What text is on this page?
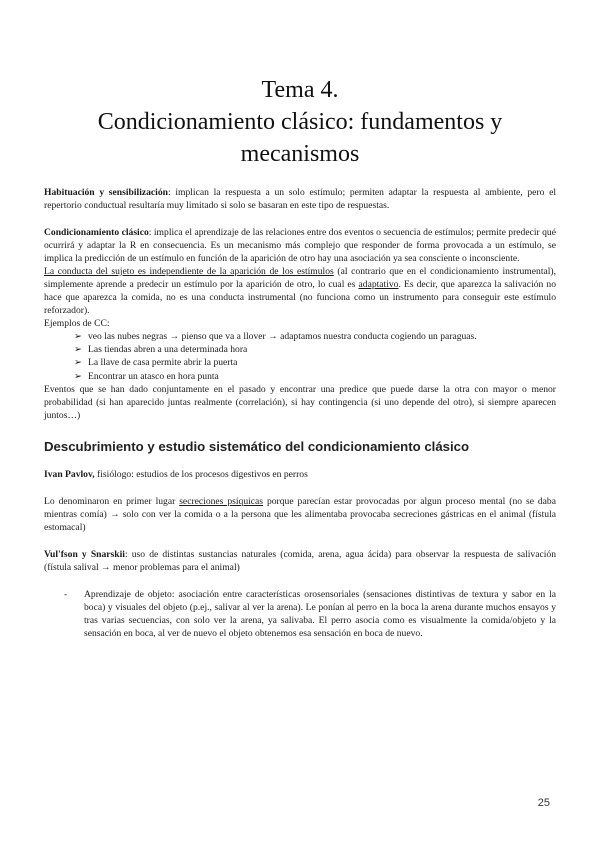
Tema 4.
Condicionamiento clásico: fundamentos y
mecanismos

Habituación y sensibilización: implican la respuesta a un solo estímulo; permiten adaptar la respuesta al ambiente, pero el repertorio conductual resultaría muy limitado si solo se basaran en este tipo de respuestas.

Condicionamiento clásico: implica el aprendizaje de las relaciones entre dos eventos o secuencia de estímulos; permite predecir qué ocurrirá y adaptar la R en consecuencia. Es un mecanismo más complejo que responder de forma provocada a un estímulo, se implica la predicción de un estímulo en función de la aparición de otro hay una asociación ya sea consciente o inconsciente.

La conducta del sujeto es independiente de la aparición de los estímulos (al contrario que en el condicionamiento instrumental), simplemente aprende a predecir un estímulo por la aparición de otro, lo cual es adaptativo. Es decir, que aparezca la salivación no hace que aparezca la comida, no es una conducta instrumental (no funciona como un instrumento para conseguir este estímulo reforzador).

Ejemplos de CC:

➢ veo las nubes negras → pienso que va a llover → adaptamos nuestra conducta cogiendo un paraguas.
➢ Las tiendas abren a una determinada hora
➢ La llave de casa permite abrir la puerta
➢ Encontrar un atasco en hora punta

Eventos que se han dado conjuntamente en el pasado y encontrar una predice que puede darse la otra con mayor o menor probabilidad (si han aparecido juntas realmente (correlación), si hay contingencia (si uno depende del otro), si siempre aparecen juntos…)

Descubrimiento y estudio sistemático del condicionamiento clásico

Ivan Pavlov, fisiólogo: estudios de los procesos digestivos en perros

Lo denominaron en primer lugar secreciones psíquicas porque parecían estar provocadas por algun proceso mental (no se daba mientras comía) → solo con ver la comida o a la persona que les alimentaba provocaba secreciones gástricas en el animal (fístula estomacal)

Vul'fson y Snarskii: uso de distintas sustancias naturales (comida, arena, agua ácida) para observar la respuesta de salivación (fístula salival → menor problemas para el animal)

-	Aprendizaje de objeto: asociación entre características orosensoriales (sensaciones distintivas de textura y sabor en la boca) y visuales del objeto (p.ej., salivar al ver la arena). Le ponían al perro en la boca la arena durante muchos ensayos y tras varias secuencias, con solo ver la arena, ya salivaba. El perro asocia como es visualmente la comida/objeto y la sensación en boca, al ver de nuevo el objeto obtenemos esa sensación en boca de nuevo.

25
